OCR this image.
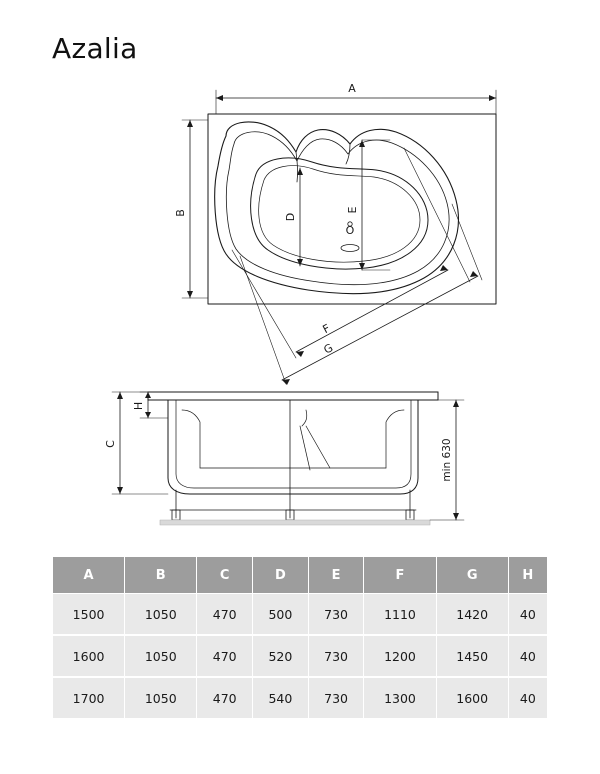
Azalia
A
B	D
E
O
G
F
H
C	min 630
A	B	C	D	E	F	G	H
1500	1050	470	500	730	1110	1420	40
1600	1050	470	520	730	1200	1450	40
1700	1050	470	540	730	1300	1600	40
